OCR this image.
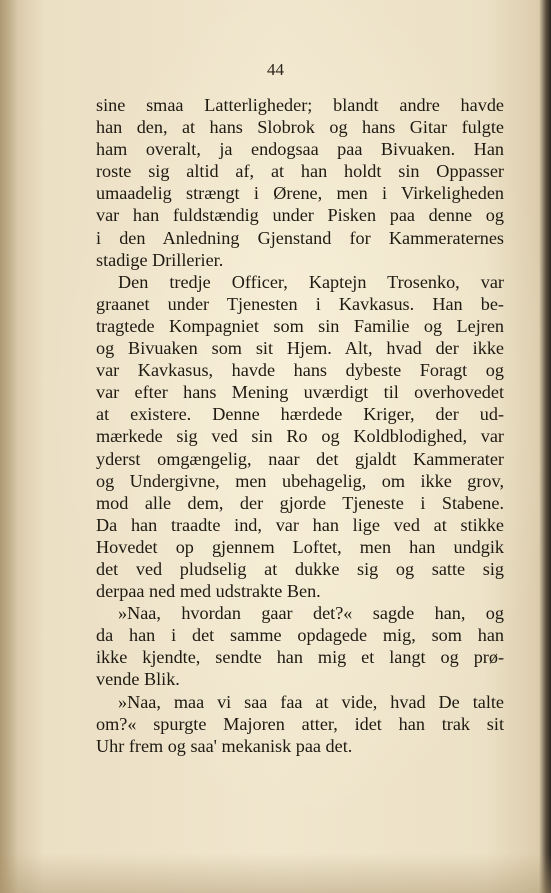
44
sine smaa Latterligheder; blandt andre havde
han den, at hans Slobrok og hans Gitar fulgte
ham overalt, ja endogsaa paa Bivuaken. Han
roste sig altid af, at han holdt sin Oppasser
umaadelig strængt i Ørene, men i Virkeligheden
var han fuldstændig under Pisken paa denne og
i den Anledning Gjenstand for Kammeraternes
stadige Drillerier.
Den tredje Officer, Kaptejn Trosenko, var
graanet under Tjenesten i Kavkasus. Han be-
tragtede Kompagniet som sin Familie og Lejren
og Bivuaken som sit Hjem. Alt, hvad der ikke
var Kavkasus, havde hans dybeste Foragt og
var efter hans Mening uværdigt til overhovedet
at existere. Denne hærdede Kriger, der ud-
mærkede sig ved sin Ro og Koldblodighed, var
yderst omgængelig, naar det gjaldt Kammerater
og Undergivne, men ubehagelig, om ikke grov,
mod alle dem, der gjorde Tjeneste i Stabene.
Da han traadte ind, var han lige ved at stikke
Hovedet op gjennem Loftet, men han undgik
det ved pludselig at dukke sig og satte sig
derpaa ned med udstrakte Ben.
»Naa, hvordan gaar det?« sagde han, og
da han i det samme opdagede mig, som han
ikke kjendte, sendte han mig et langt og prø-
vende Blik.
»Naa, maa vi saa faa at vide, hvad De talte
om?« spurgte Majoren atter, idet han trak sit
Uhr frem og saa' mekanisk paa det.
